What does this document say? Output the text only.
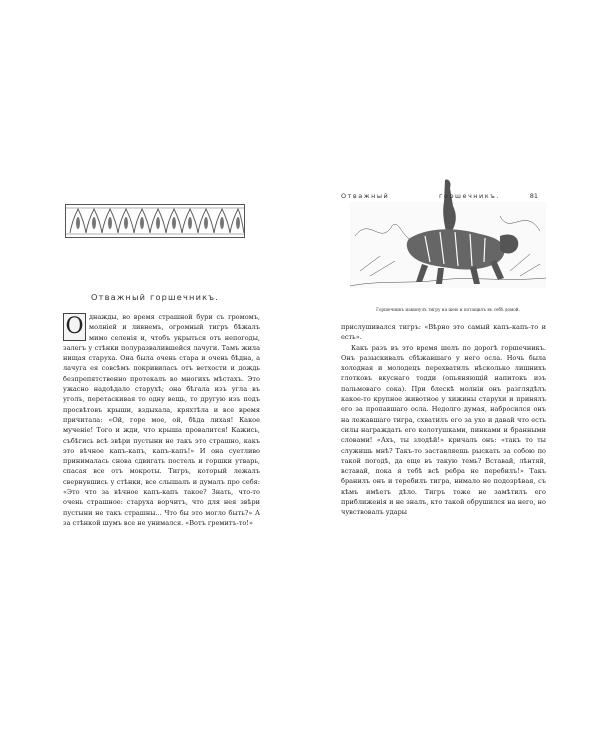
Отважный горшечникъ.
О днажды, во время страшной бури съ громомъ, молніей и ливнемъ, огромный тигръ бѣжалъ мимо селенія и, чтобъ укрыться отъ непогоды, залегъ у стѣнки полуразвалившейся лачуги. Тамъ жила нищая старуха. Она была очень стара и очень бѣдна, а лачуга ея совсѣмъ покривилась отъ ветхости и дождь безпрепятственно протекалъ во многихъ мѣстахъ. Это ужасно надоѣдало старухѣ; она бѣгала изъ угла въ уголъ, перетаскивая то одну вещь, то другую изъ подъ просвѣтовъ крыши, вздыхала, кряхтѣла и все время причитала: «Ой, горе мое, ой, бѣда лихая! Какое мученіе! Того и жди, что крыша провалится! Кажись, събѣгись всѣ звѣри пустыни не такъ это страшно, какъ это вѣчное капъ-капъ, капъ-капъ!» И она суетливо принималась снова сдвигать постель и горшки утварь, спасая все отъ мокроты. Тигръ, который лежалъ свернувшись у стѣнки, все слышалъ и думалъ про себя: «Это что за вѣчное капъ-капъ такое? Знать, что-то очень страшное: старуха ворчитъ, что для нея звѣри пустыни не такъ страшны... Что бы это могло быть?» А за стѣнкой шумъ все не унимался. «Вотъ гремитъ-то!»

Отважный	горшечникъ.	81
Горшечникъ накинулъ тигру на шею и потащилъ въ себѣ домой.

прислушивался тигръ: «Вѣрно это самый капъ-капъ-то и есть».

Какъ разъ въ это время шелъ по дорогѣ горшечникъ. Онъ разыскивалъ сбѣжавшаго у него осла. Ночь была холодная и молодецъ перехватилъ нѣсколько лишнихъ глотковъ вкуснаго тодди (опьяняющій напитокъ изъ пальмоваго сока). При блескѣ молніи онъ разглядѣлъ какое-то крупное животное у хижины старухи и принялъ его за пропавшаго осла. Недолго думая, набросился онъ на лежавшаго тигра, схватилъ его за ухо и давай что есть силы награждать его колотушками, пинками и бранными словами! «Ахъ, ты злодѣй!» кричалъ онъ: «такъ то ты служишь мнѣ? Такъ-то заставляешь рыскать за собою по такой погодѣ, да еще въ такую темь? Вставай, лѣнтяй, вставай, пока я тебѣ всѣ ребра не перебилъ!» Такъ бранилъ онъ и теребилъ тигра, нимало не подозрѣвая, съ кѣмъ имѣетъ дѣло. Тигръ тоже не замѣтилъ его приближенія и не зналъ, кто такой обрушился на него, но чувствовалъ удары
